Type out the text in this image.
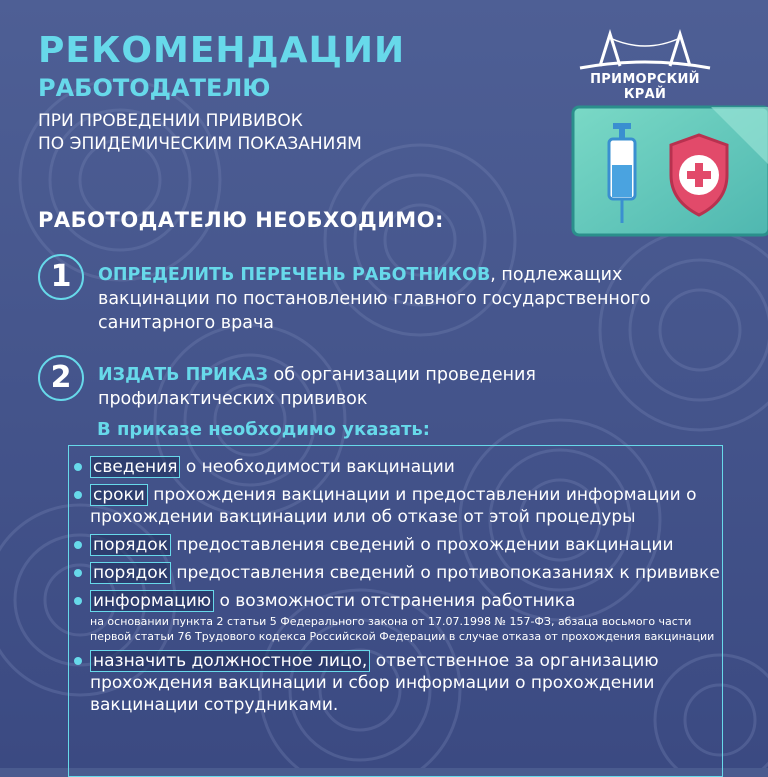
РЕКОМЕНДАЦИИ
РАБОТОДАТЕЛЮ
ПРИ ПРОВЕДЕНИИ ПРИВИВОК
ПО ЭПИДЕМИЧЕСКИМ ПОКАЗАНИЯМ
ПРИМОРСКИЙ КРАЙ
РАБОТОДАТЕЛЮ НЕОБХОДИМО:
1	ОПРЕДЕЛИТЬ ПЕРЕЧЕНЬ РАБОТНИКОВ, подлежащих вакцинации по постановлению главного государственного санитарного врача
2	ИЗДАТЬ ПРИКАЗ об организации проведения профилактических прививок
В приказе необходимо указать:
сведения о необходимости вакцинации
сроки прохождения вакцинации и предоставлении информации о прохождении вакцинации или об отказе от этой процедуры
порядок предоставления сведений о прохождении вакцинации
порядок предоставления сведений о противопоказаниях к прививке
информацию о возможности отстранения работника
на основании пункта 2 статьи 5 Федерального закона от 17.07.1998 № 157-ФЗ, абзаца восьмого части первой статьи 76 Трудового кодекса Российской Федерации в случае отказа от прохождения вакцинации
назначить должностное лицо, ответственное за организацию прохождения вакцинации и сбор информации о прохождении вакцинации сотрудниками.
